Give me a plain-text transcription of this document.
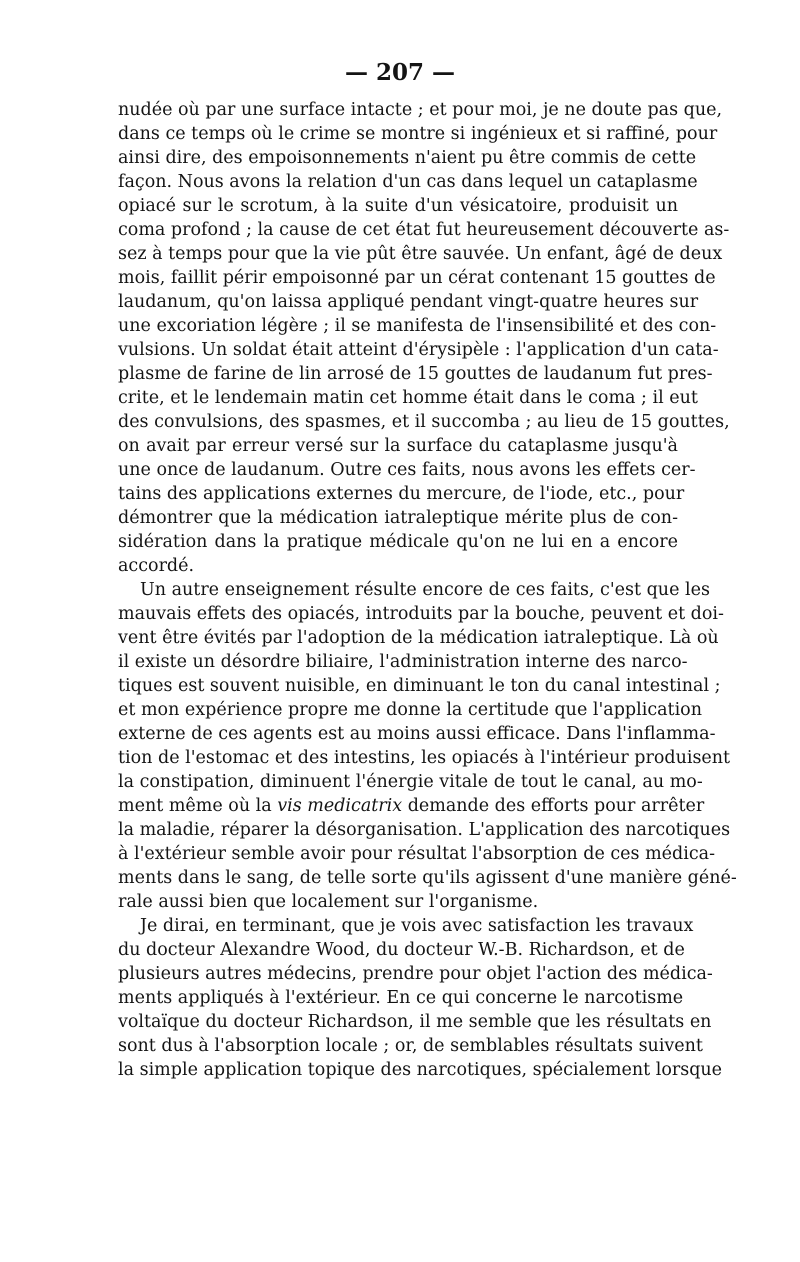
— 207 —
nudée où par une surface intacte ; et pour moi, je ne doute pas que,
dans ce temps où le crime se montre si ingénieux et si raffiné, pour
ainsi dire, des empoisonnements n'aient pu être commis de cette
façon. Nous avons la relation d'un cas dans lequel un cataplasme
opiacé sur le scrotum, à la suite d'un vésicatoire, produisit un
coma profond ; la cause de cet état fut heureusement découverte as-
sez à temps pour que la vie pût être sauvée. Un enfant, âgé de deux
mois, faillit périr empoisonné par un cérat contenant 15 gouttes de
laudanum, qu'on laissa appliqué pendant vingt-quatre heures sur
une excoriation légère ; il se manifesta de l'insensibilité et des con-
vulsions. Un soldat était atteint d'érysipèle : l'application d'un cata-
plasme de farine de lin arrosé de 15 gouttes de laudanum fut pres-
crite, et le lendemain matin cet homme était dans le coma ; il eut
des convulsions, des spasmes, et il succomba ; au lieu de 15 gouttes,
on avait par erreur versé sur la surface du cataplasme jusqu'à
une once de laudanum. Outre ces faits, nous avons les effets cer-
tains des applications externes du mercure, de l'iode, etc., pour
démontrer que la médication iatraleptique mérite plus de con-
sidération dans la pratique médicale qu'on ne lui en a encore
accordé.
Un autre enseignement résulte encore de ces faits, c'est que les
mauvais effets des opiacés, introduits par la bouche, peuvent et doi-
vent être évités par l'adoption de la médication iatraleptique. Là où
il existe un désordre biliaire, l'administration interne des narco-
tiques est souvent nuisible, en diminuant le ton du canal intestinal ;
et mon expérience propre me donne la certitude que l'application
externe de ces agents est au moins aussi efficace. Dans l'inflamma-
tion de l'estomac et des intestins, les opiacés à l'intérieur produisent
la constipation, diminuent l'énergie vitale de tout le canal, au mo-
ment même où la vis medicatrix demande des efforts pour arrêter
la maladie, réparer la désorganisation. L'application des narcotiques
à l'extérieur semble avoir pour résultat l'absorption de ces médica-
ments dans le sang, de telle sorte qu'ils agissent d'une manière géné-
rale aussi bien que localement sur l'organisme.
Je dirai, en terminant, que je vois avec satisfaction les travaux
du docteur Alexandre Wood, du docteur W.-B. Richardson, et de
plusieurs autres médecins, prendre pour objet l'action des médica-
ments appliqués à l'extérieur. En ce qui concerne le narcotisme
voltaïque du docteur Richardson, il me semble que les résultats en
sont dus à l'absorption locale ; or, de semblables résultats suivent
la simple application topique des narcotiques, spécialement lorsque
